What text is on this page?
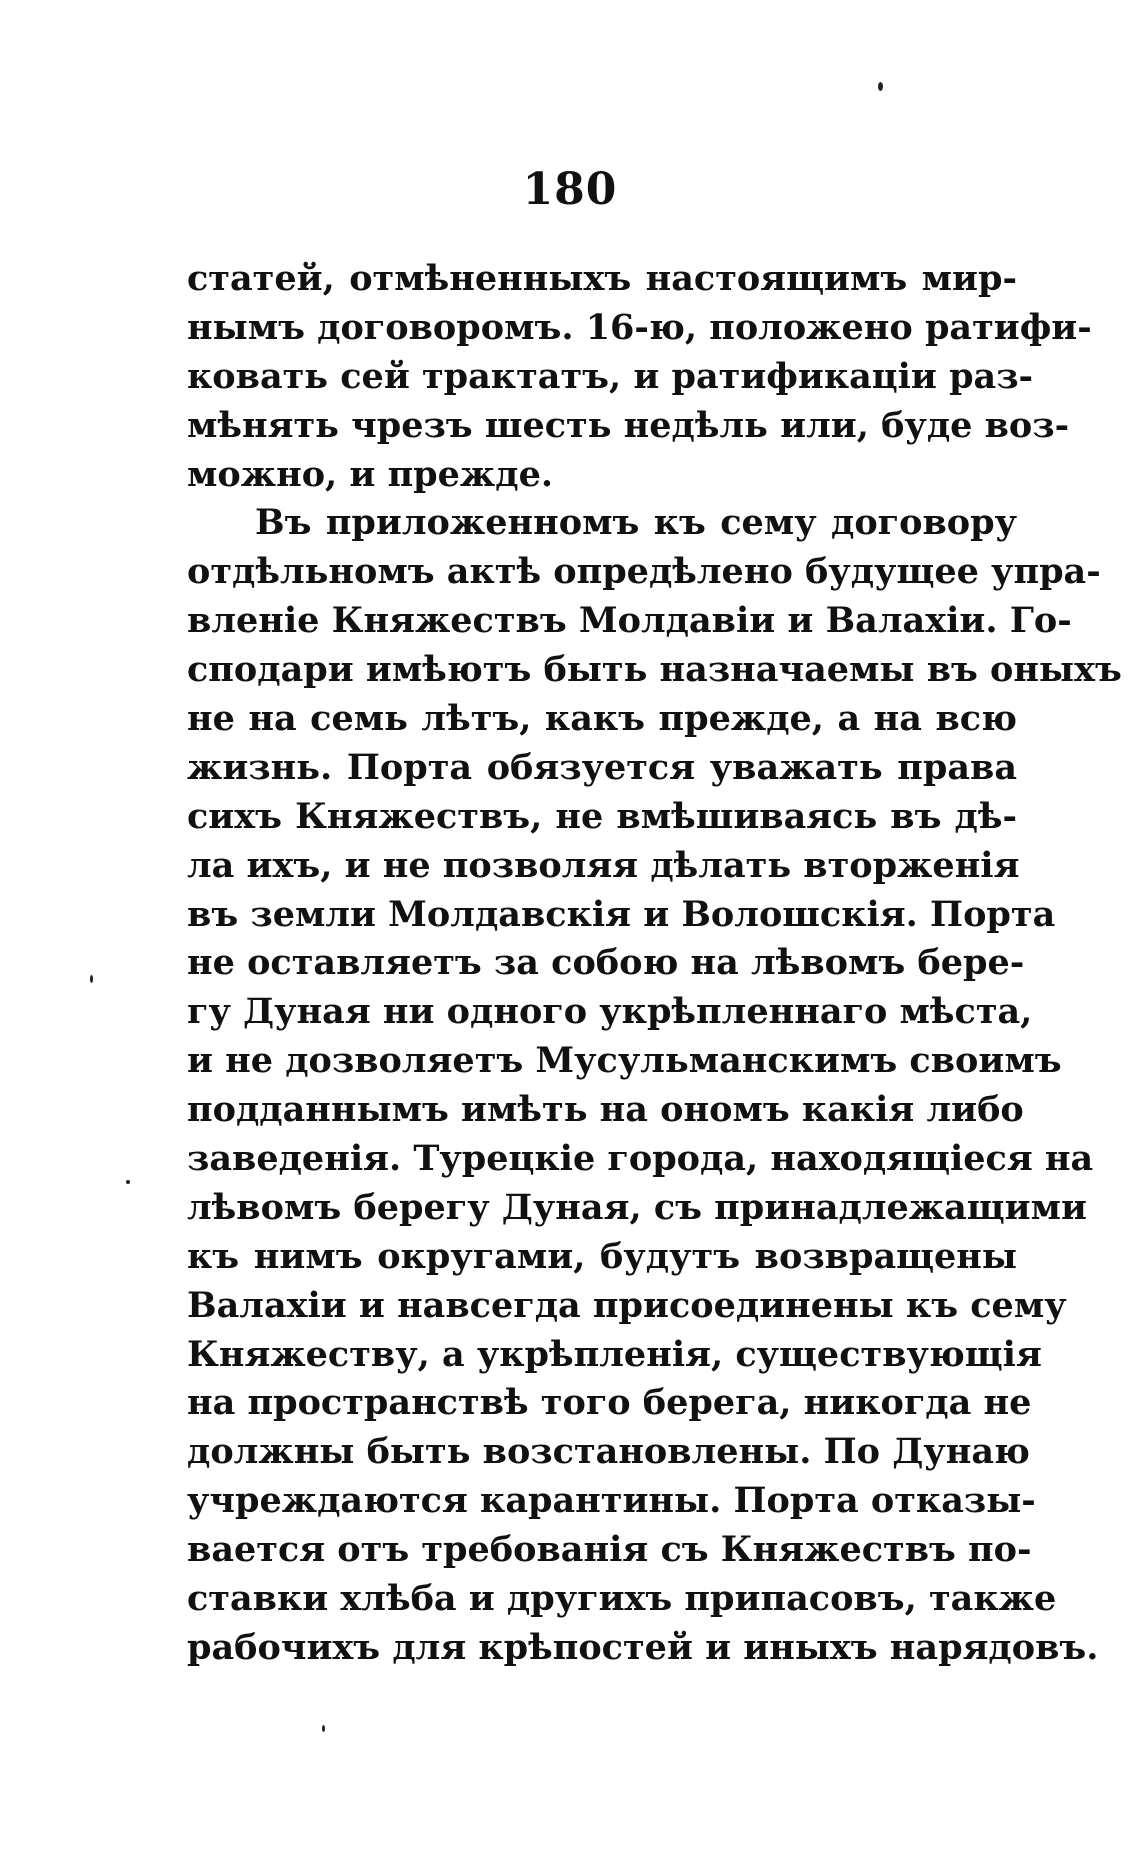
180
статей, отмѣненныхъ настоящимъ мир-
нымъ договоромъ. 16-ю, положено ратифи-
ковать сей трактатъ, и ратификаціи раз-
мѣнять чрезъ шесть недѣль или, буде воз-
можно, и прежде.
Въ приложенномъ къ сему договору
отдѣльномъ актѣ опредѣлено будущее упра-
вленіе Княжествъ Молдавіи и Валахіи. Го-
сподари имѣютъ быть назначаемы въ оныхъ
не на семь лѣтъ, какъ прежде, а на всю
жизнь. Порта обязуется уважать права
сихъ Княжествъ, не вмѣшиваясь въ дѣ-
ла ихъ, и не позволяя дѣлать вторженія
въ земли Молдавскія и Волошскія. Порта
не оставляетъ за собою на лѣвомъ бере-
гу Дуная ни одного укрѣпленнаго мѣста,
и не дозволяетъ Мусульманскимъ своимъ
подданнымъ имѣть на ономъ какія либо
заведенія. Турецкіе города, находящіеся на
лѣвомъ берегу Дуная, съ принадлежащими
къ нимъ округами, будутъ возвращены
Валахіи и навсегда присоединены къ сему
Княжеству, а укрѣпленія, существующія
на пространствѣ того берега, никогда не
должны быть возстановлены. По Дунаю
учреждаются карантины. Порта отказы-
вается отъ требованія съ Княжествъ по-
ставки хлѣба и другихъ припасовъ, также
рабочихъ для крѣпостей и иныхъ нарядовъ.
